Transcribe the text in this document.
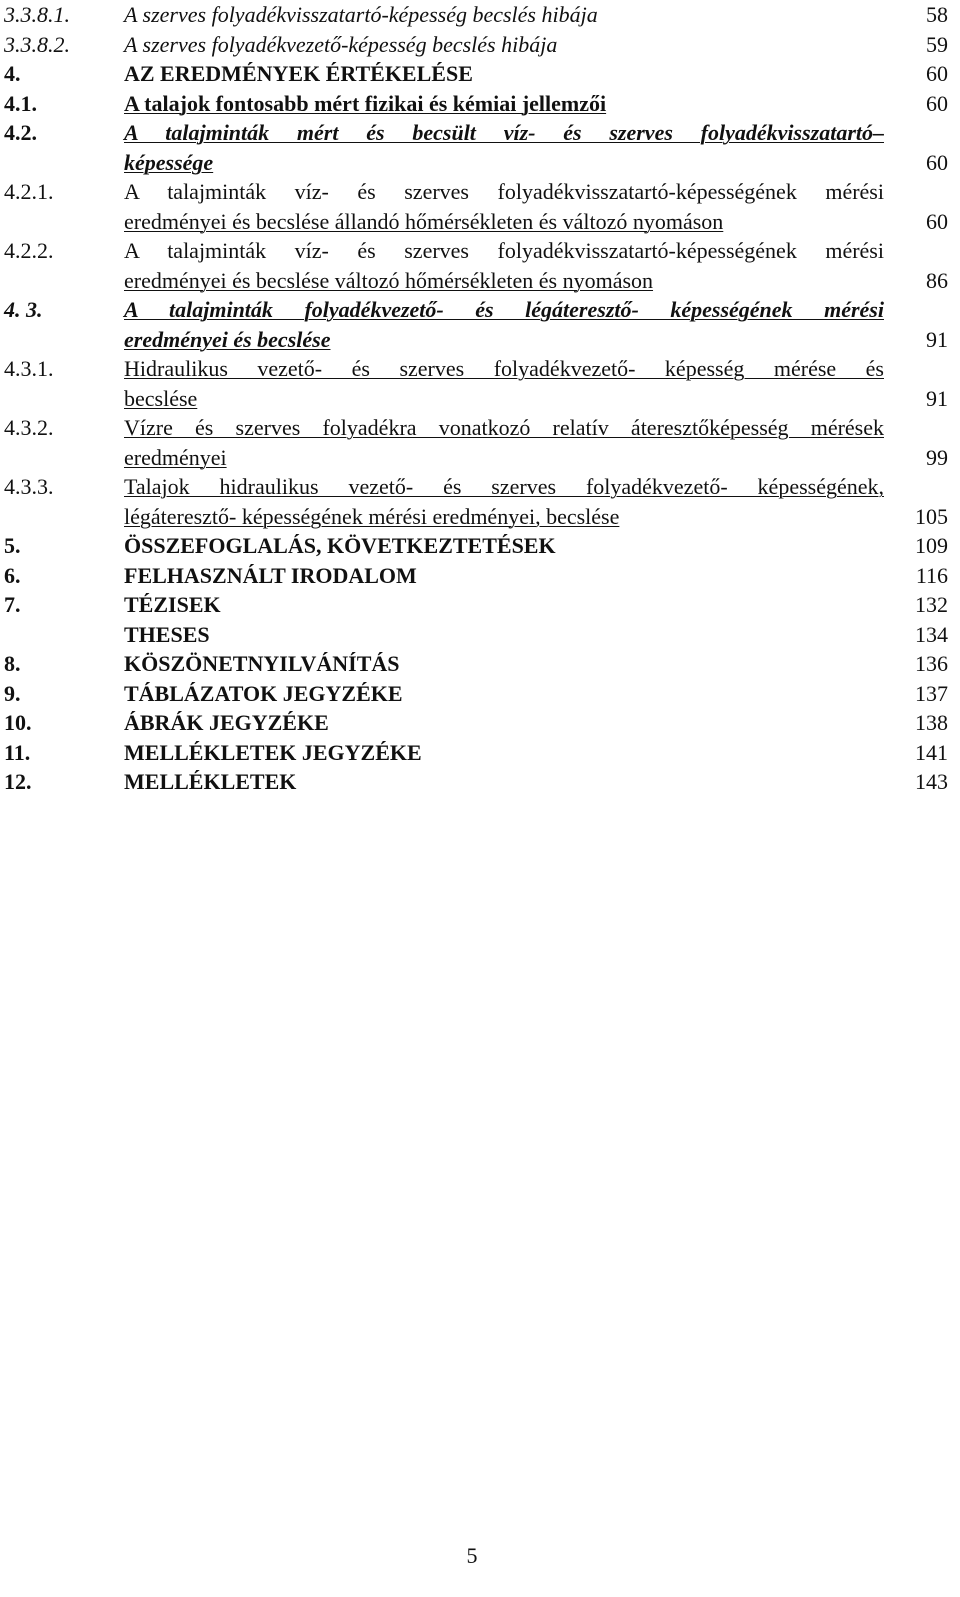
3.3.8.1.	A szerves folyadékvisszatartó-képesség becslés hibája	58
3.3.8.2.	A szerves folyadékvezető-képesség becslés hibája	59
4.	AZ EREDMÉNYEK ÉRTÉKELÉSE	60
4.1.	A talajok fontosabb mért fizikai és kémiai jellemzői	60
4.2.	A talajminták mért és becsült víz- és szerves folyadékvisszatartó–
képessége	60
4.2.1.	A talajminták víz- és szerves folyadékvisszatartó-képességének mérési
eredményei és becslése állandó hőmérsékleten és változó nyomáson	60
4.2.2.	A talajminták víz- és szerves folyadékvisszatartó-képességének mérési
eredményei és becslése változó hőmérsékleten és nyomáson	86
4. 3.	A talajminták folyadékvezető- és légáteresztő- képességének mérési
eredményei és becslése	91
4.3.1.	Hidraulikus vezető- és szerves folyadékvezető- képesség mérése és
becslése	91
4.3.2.	Vízre és szerves folyadékra vonatkozó relatív áteresztőképesség mérések
eredményei	99
4.3.3.	Talajok hidraulikus vezető- és szerves folyadékvezető- képességének,
légáteresztő- képességének mérési eredményei, becslése	105
5.	ÖSSZEFOGLALÁS, KÖVETKEZTETÉSEK	109
6.	FELHASZNÁLT IRODALOM	116
7.	TÉZISEK	132
THESES	134
8.	KÖSZÖNETNYILVÁNÍTÁS	136
9.	TÁBLÁZATOK JEGYZÉKE	137
10.	ÁBRÁK JEGYZÉKE	138
11.	MELLÉKLETEK JEGYZÉKE	141
12.	MELLÉKLETEK	143
5
